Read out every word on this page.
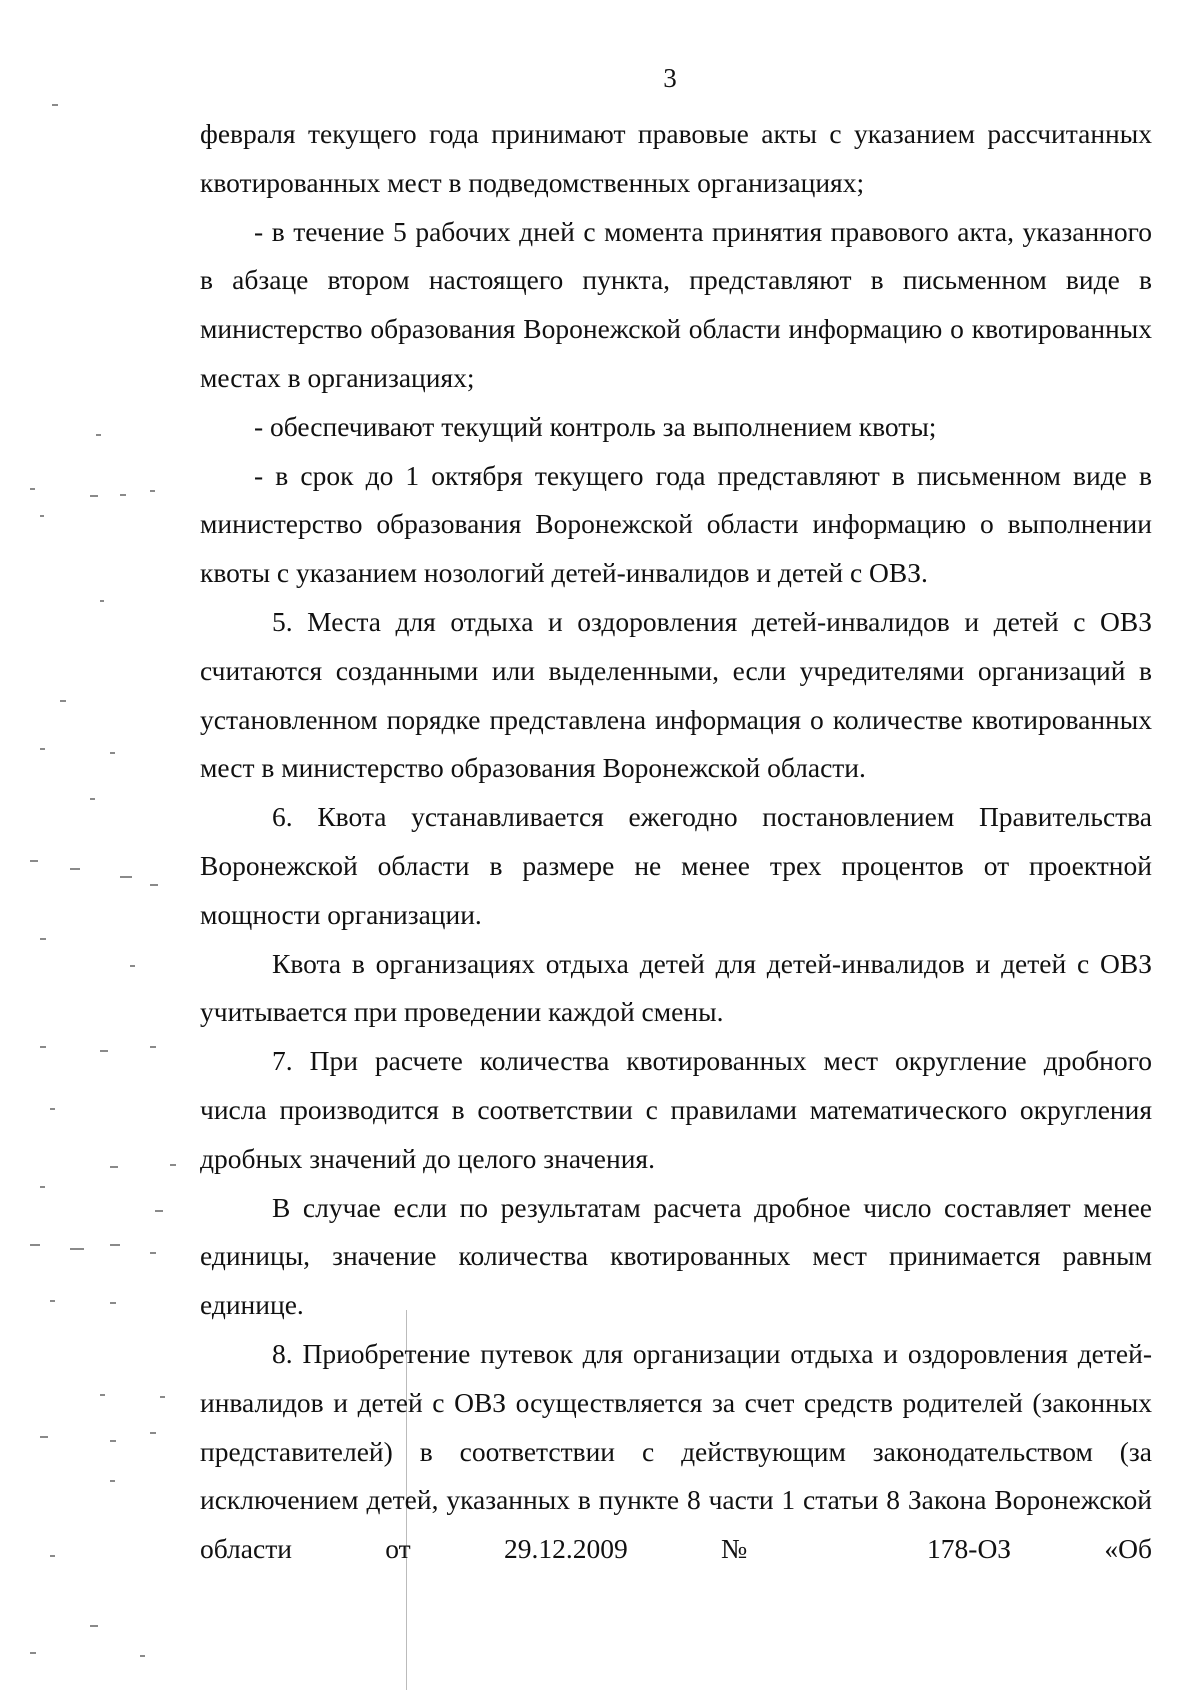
3

февраля текущего года принимают правовые акты с указанием рассчитанных квотированных мест в подведомственных организациях;

- в течение 5 рабочих дней с момента принятия правового акта, указанного в абзаце втором настоящего пункта, представляют в письменном виде в министерство образования Воронежской области информацию о квотированных местах в организациях;

- обеспечивают текущий контроль за выполнением квоты;

- в срок до 1 октября текущего года представляют в письменном виде в министерство образования Воронежской области информацию о выполнении квоты с указанием нозологий детей-инвалидов и детей с ОВЗ.

5. Места для отдыха и оздоровления детей-инвалидов и детей с ОВЗ считаются созданными или выделенными, если учредителями организаций в установленном порядке представлена информация о количестве квотированных мест в министерство образования Воронежской области.

6. Квота устанавливается ежегодно постановлением Правительства Воронежской области в размере не менее трех процентов от проектной мощности организации.

Квота в организациях отдыха детей для детей-инвалидов и детей с ОВЗ учитывается при проведении каждой смены.

7. При расчете количества квотированных мест округление дробного числа производится в соответствии с правилами математического округления дробных значений до целого значения.

В случае если по результатам расчета дробное число составляет менее единицы, значение количества квотированных мест принимается равным единице.

8. Приобретение путевок для организации отдыха и оздоровления детей-инвалидов и детей с ОВЗ осуществляется за счет средств родителей (законных представителей) в соответствии с действующим законодательством (за исключением детей, указанных в пункте 8 части 1 статьи 8 Закона Воронежской области от 29.12.2009 № 178-ОЗ «Об
